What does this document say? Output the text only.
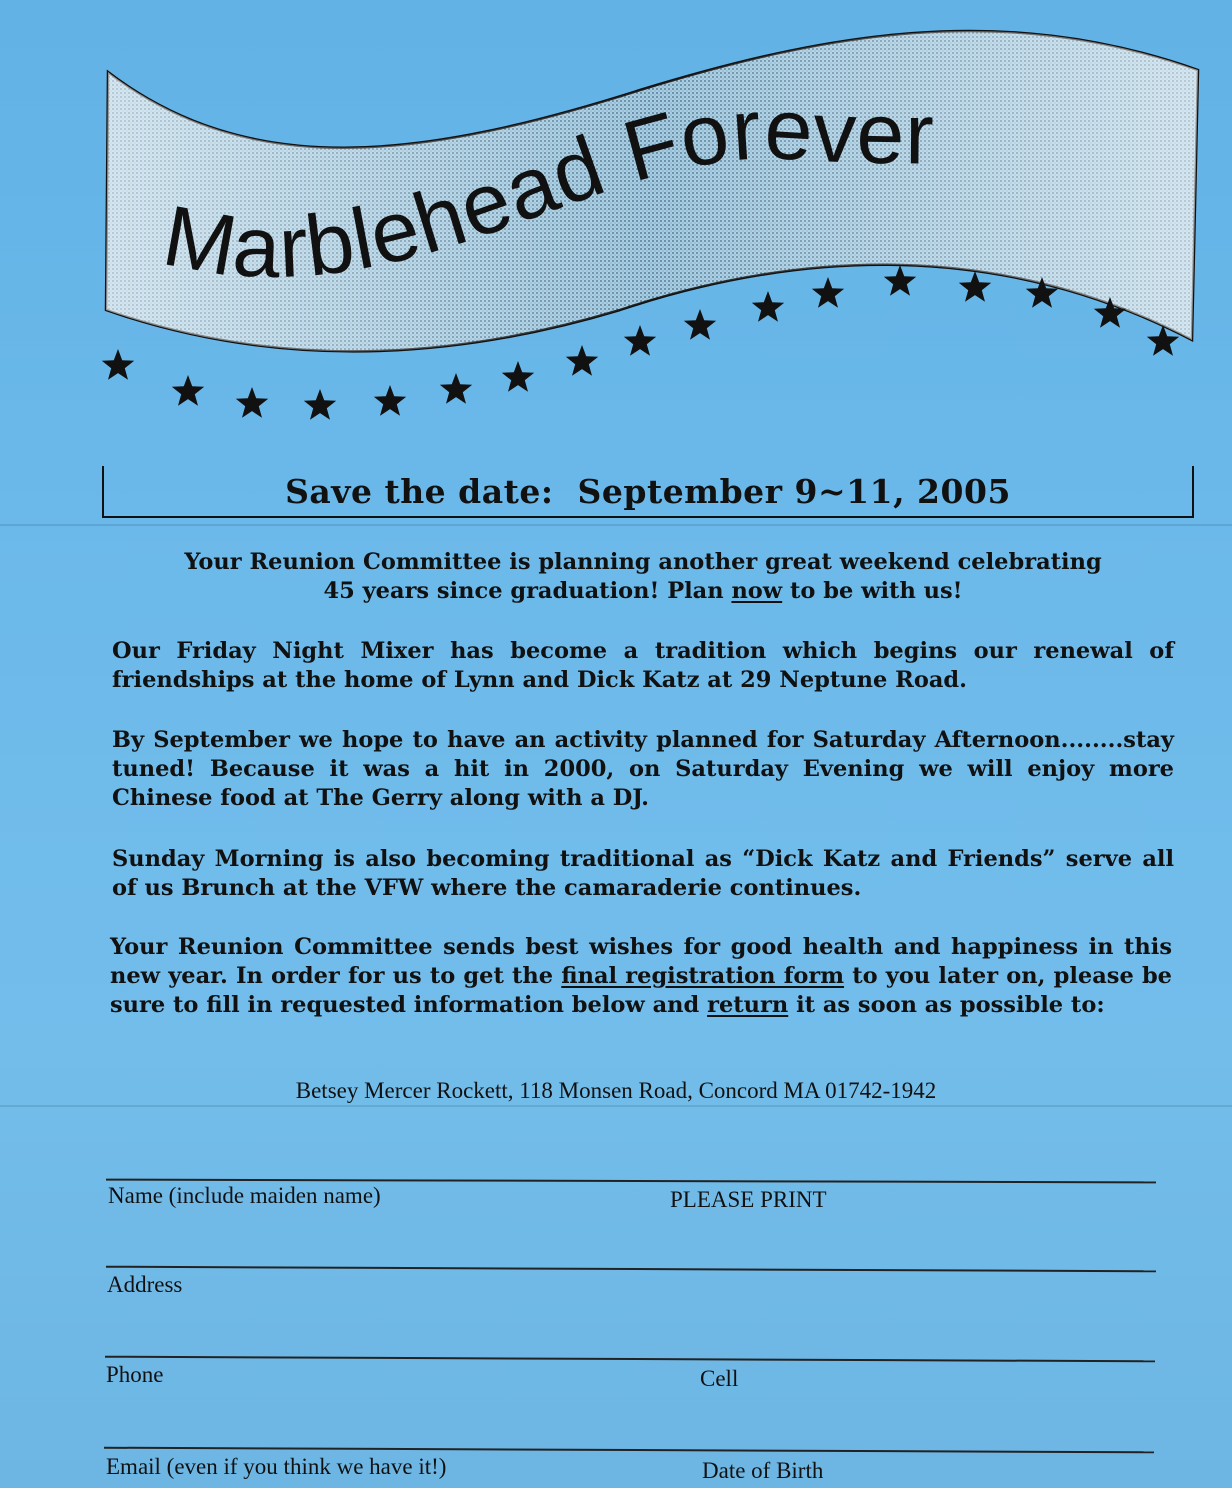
Marblehead Forever
Save the date: September 9~11, 2005
Your Reunion Committee is planning another great weekend celebrating
45 years since graduation! Plan now to be with us!
Our Friday Night Mixer has become a tradition which begins our renewal of friendships at the home of Lynn and Dick Katz at 29 Neptune Road.
By September we hope to have an activity planned for Saturday Afternoon........stay tuned! Because it was a hit in 2000, on Saturday Evening we will enjoy more Chinese food at The Gerry along with a DJ.
Sunday Morning is also becoming traditional as “Dick Katz and Friends” serve all of us Brunch at the VFW where the camaraderie continues.
Your Reunion Committee sends best wishes for good health and happiness in this new year. In order for us to get the final registration form to you later on, please be sure to fill in requested information below and return it as soon as possible to:
Betsey Mercer Rockett, 118 Monsen Road, Concord MA 01742-1942
Name (include maiden name)	PLEASE PRINT
Address
Phone	Cell
Email (even if you think we have it!)	Date of Birth
